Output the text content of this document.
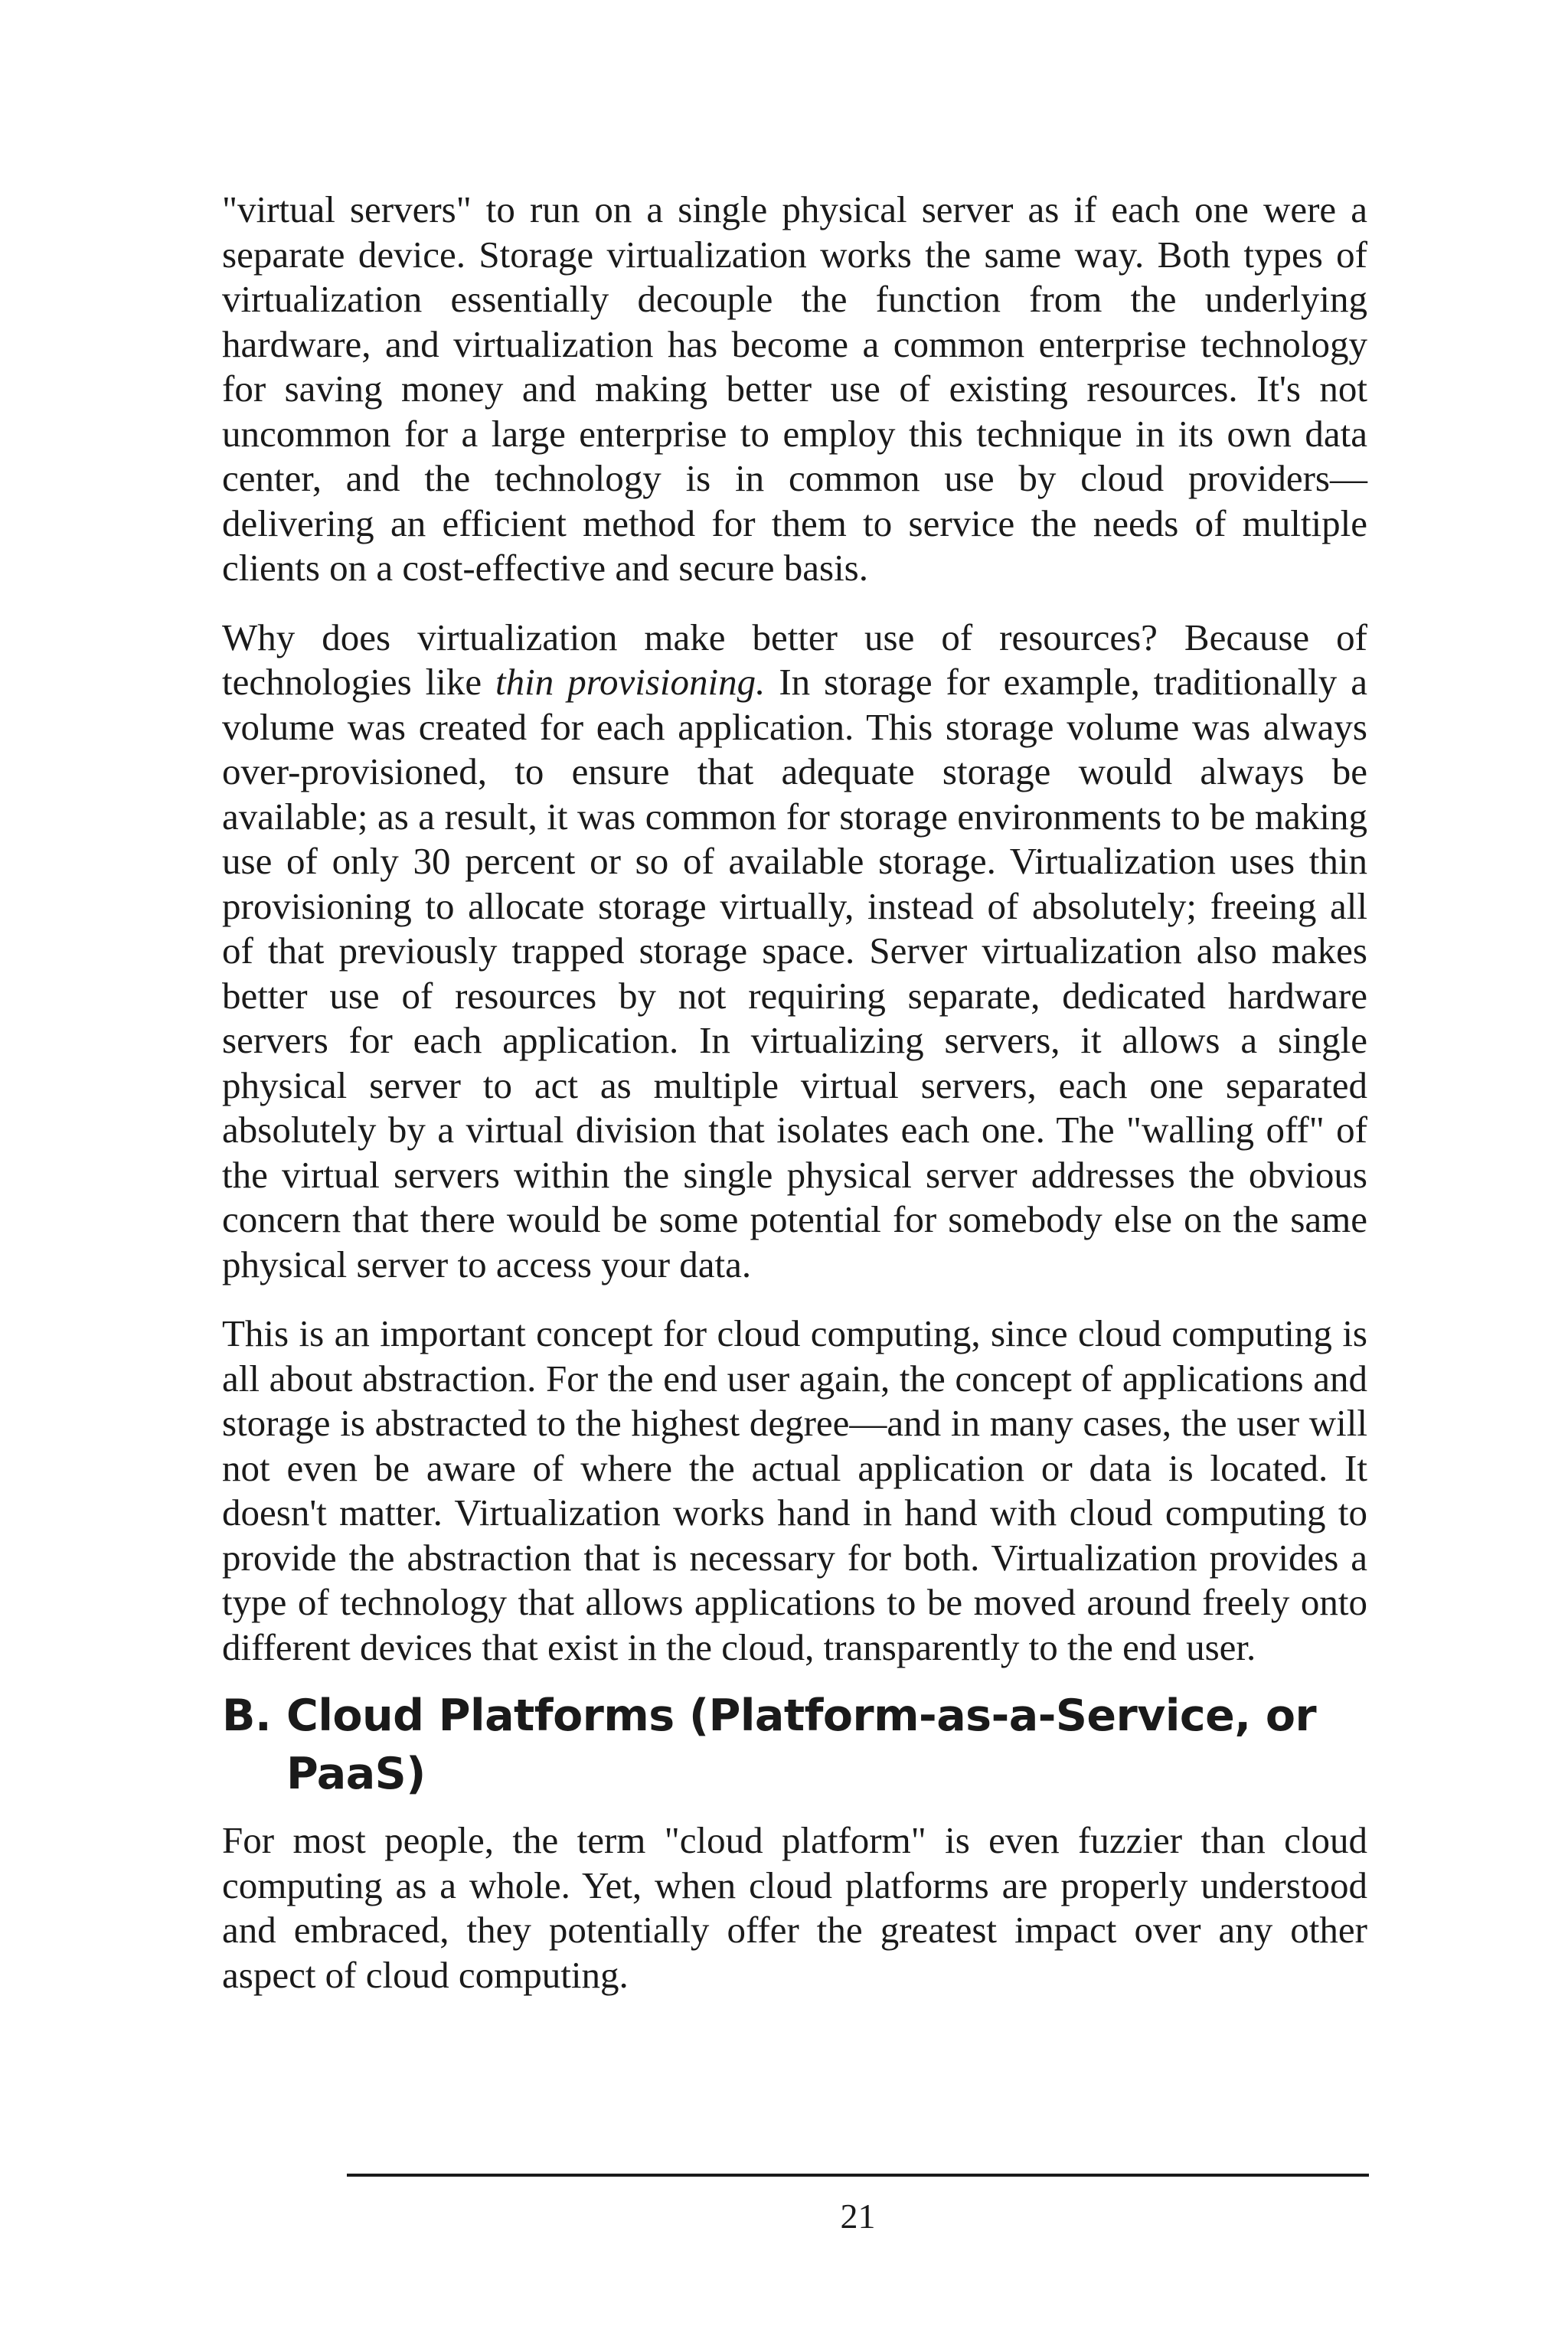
"virtual servers" to run on a single physical server as if each one were a separate device. Storage virtualization works the same way. Both types of virtualization essentially decouple the function from the underlying hardware, and virtualization has become a common enterprise technology for saving money and making better use of existing resources. It's not uncommon for a large enterprise to employ this technique in its own data center, and the technology is in common use by cloud providers—delivering an efficient method for them to service the needs of multiple clients on a cost-effective and secure basis.

Why does virtualization make better use of resources? Because of technologies like thin provisioning. In storage for example, traditionally a volume was created for each application. This storage volume was always over-provisioned, to ensure that adequate storage would always be available; as a result, it was common for storage environments to be making use of only 30 percent or so of available storage. Virtualization uses thin provisioning to allocate storage virtually, instead of absolutely; freeing all of that previously trapped storage space. Server virtualization also makes better use of resources by not requiring separate, dedicated hardware servers for each application. In virtualizing servers, it allows a single physical server to act as multiple virtual servers, each one separated absolutely by a virtual division that isolates each one. The "walling off" of the virtual servers within the single physical server addresses the obvious concern that there would be some potential for somebody else on the same physical server to access your data.

This is an important concept for cloud computing, since cloud computing is all about abstraction. For the end user again, the concept of applications and storage is abstracted to the highest degree—and in many cases, the user will not even be aware of where the actual application or data is located. It doesn't matter. Virtualization works hand in hand with cloud computing to provide the abstraction that is necessary for both. Virtualization provides a type of technology that allows applications to be moved around freely onto different devices that exist in the cloud, transparently to the end user.

B. Cloud Platforms (Platform-as-a-Service, or PaaS)

For most people, the term "cloud platform" is even fuzzier than cloud computing as a whole. Yet, when cloud platforms are properly understood and embraced, they potentially offer the greatest impact over any other aspect of cloud computing.

21
